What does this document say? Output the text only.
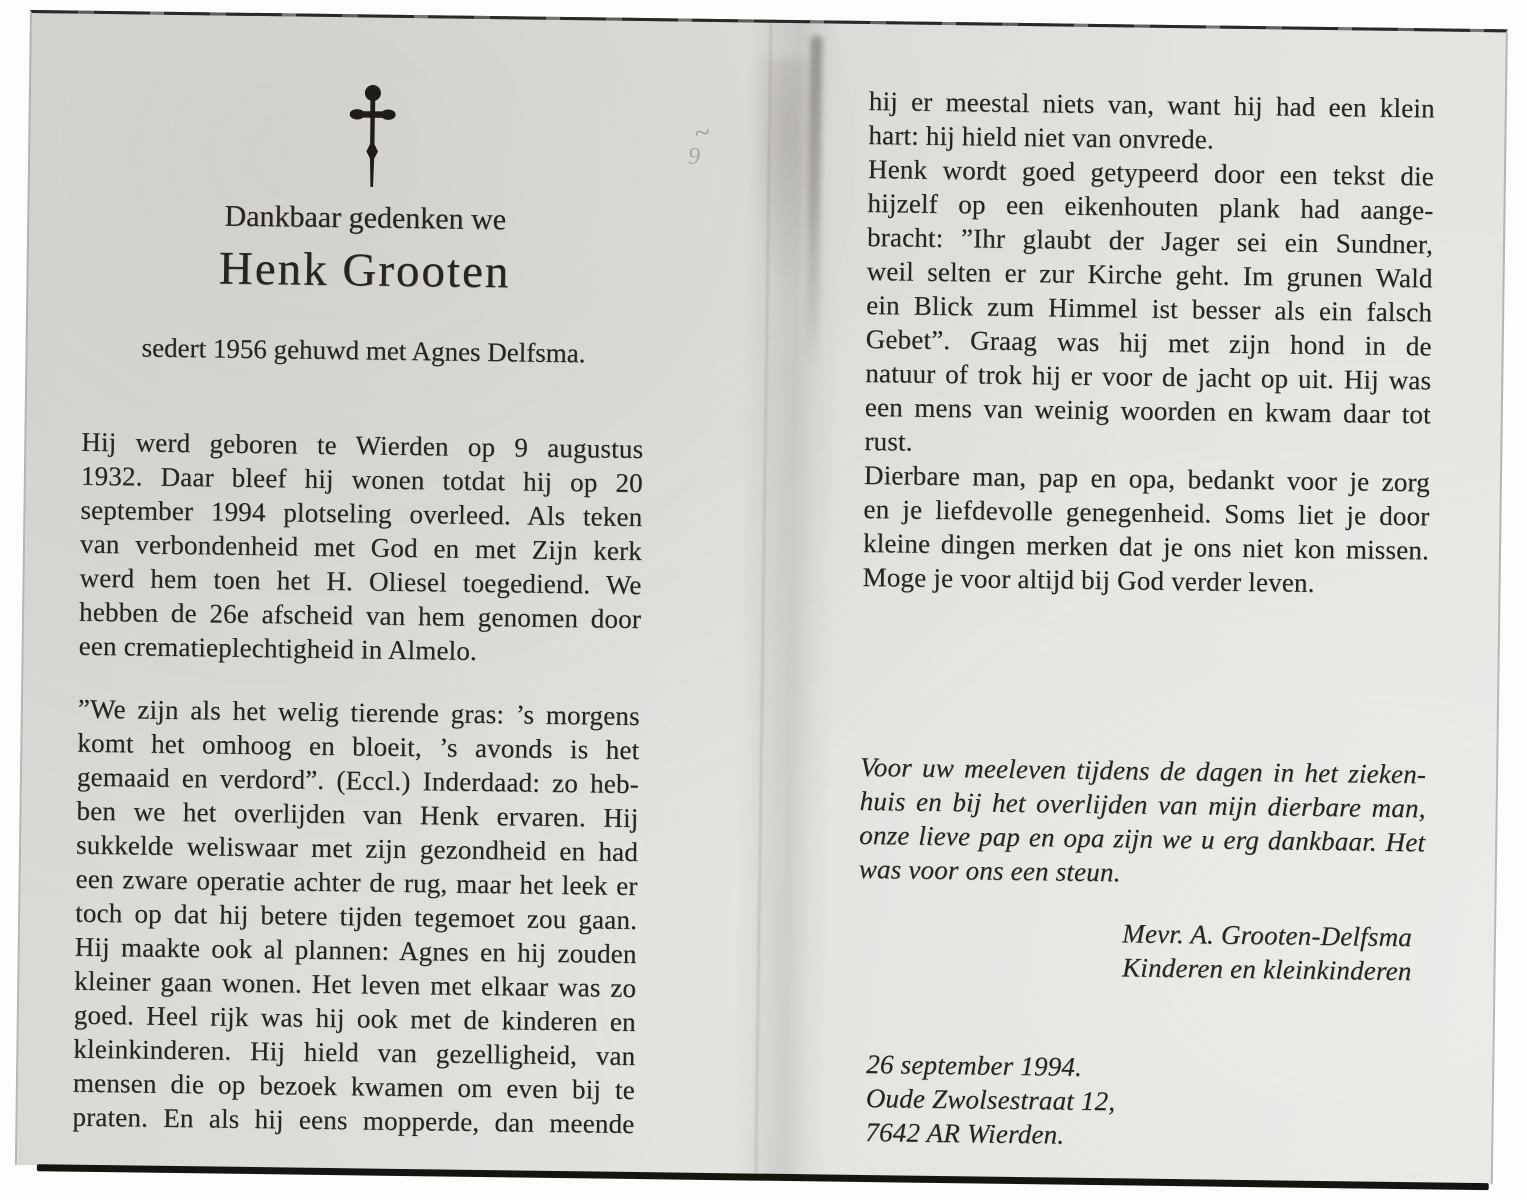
~
9
Dankbaar gedenken we
Henk Grooten
sedert 1956 gehuwd met Agnes Delfsma.
Hij werd geboren te Wierden op 9 augustus
1932. Daar bleef hij wonen totdat hij op 20
september 1994 plotseling overleed. Als teken
van verbondenheid met God en met Zijn kerk
werd hem toen het H. Oliesel toegediend. We
hebben de 26e afscheid van hem genomen door
een crematieplechtigheid in Almelo.
”We zijn als het welig tierende gras: ’s morgens
komt het omhoog en bloeit, ’s avonds is het
gemaaid en verdord”. (Eccl.) Inderdaad: zo heb-
ben we het overlijden van Henk ervaren. Hij
sukkelde weliswaar met zijn gezondheid en had
een zware operatie achter de rug, maar het leek er
toch op dat hij betere tijden tegemoet zou gaan.
Hij maakte ook al plannen: Agnes en hij zouden
kleiner gaan wonen. Het leven met elkaar was zo
goed. Heel rijk was hij ook met de kinderen en
kleinkinderen. Hij hield van gezelligheid, van
mensen die op bezoek kwamen om even bij te
praten. En als hij eens mopperde, dan meende
hij er meestal niets van, want hij had een klein
hart: hij hield niet van onvrede.
Henk wordt goed getypeerd door een tekst die
hijzelf op een eikenhouten plank had aange-
bracht: ”Ihr glaubt der Jager sei ein Sundner,
weil selten er zur Kirche geht. Im grunen Wald
ein Blick zum Himmel ist besser als ein falsch
Gebet”. Graag was hij met zijn hond in de
natuur of trok hij er voor de jacht op uit. Hij was
een mens van weinig woorden en kwam daar tot
rust.
Dierbare man, pap en opa, bedankt voor je zorg
en je liefdevolle genegenheid. Soms liet je door
kleine dingen merken dat je ons niet kon missen.
Moge je voor altijd bij God verder leven.
Voor uw meeleven tijdens de dagen in het zieken-
huis en bij het overlijden van mijn dierbare man,
onze lieve pap en opa zijn we u erg dankbaar. Het
was voor ons een steun.
Mevr. A. Grooten-Delfsma
Kinderen en kleinkinderen
26 september 1994.
Oude Zwolsestraat 12,
7642 AR Wierden.
